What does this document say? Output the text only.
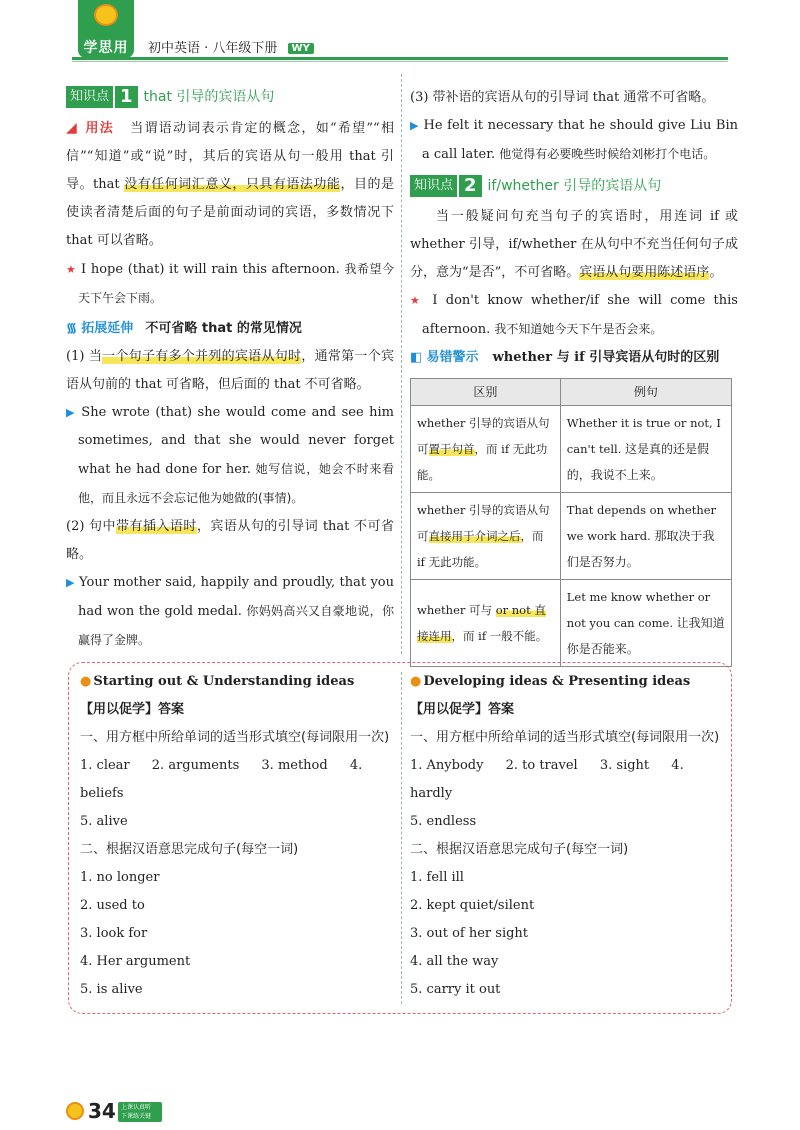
学思用 初中英语 · 八年级下册 WY
知识点 1 that 引导的宾语从句

◢ 用法 当谓语动词表示肯定的概念，如“希望”“相信”“知道”或“说”时，其后的宾语从句一般用 that 引导。that 没有任何词汇意义，只具有语法功能，目的是使读者清楚后面的句子是前面动词的宾语，多数情况下 that 可以省略。

★ I hope (that) it will rain this afternoon. 我希望今天下午会下雨。

᯾ 拓展延伸 不可省略 that 的常见情况

(1) 当一个句子有多个并列的宾语从句时，通常第一个宾语从句前的 that 可省略，但后面的 that 不可省略。

▶ She wrote (that) she would come and see him sometimes, and that she would never forget what he had done for her. 她写信说，她会不时来看他，而且永远不会忘记他为她做的(事情)。

(2) 句中带有插入语时，宾语从句的引导词 that 不可省略。

▶ Your mother said, happily and proudly, that you had won the gold medal. 你妈妈高兴又自豪地说，你赢得了金牌。

(3) 带补语的宾语从句的引导词 that 通常不可省略。

▶ He felt it necessary that he should give Liu Bin a call later. 他觉得有必要晚些时候给刘彬打个电话。

知识点 2 if/whether 引导的宾语从句

当一般疑问句充当句子的宾语时，用连词 if 或 whether 引导，if/whether 在从句中不充当任何句子成分，意为“是否”，不可省略。宾语从句要用陈述语序。

★ I don't know whether/if she will come this afternoon. 我不知道她今天下午是否会来。

◧ 易错警示 whether 与 if 引导宾语从句时的区别
区别	例句
whether 引导的宾语从句可置于句首，而 if 无此功能。	Whether it is true or not, I can't tell. 这是真的还是假的，我说不上来。
whether 引导的宾语从句可直接用于介词之后，而 if 无此功能。	That depends on whether we work hard. 那取决于我们是否努力。
whether 可与 or not 直接连用，而 if 一般不能。	Let me know whether or not you can come. 让我知道你是否能来。
● Starting out & Understanding ideas
【用以促学】答案
一、用方框中所给单词的适当形式填空(每词限用一次)
1. clear 2. arguments 3. method 4. beliefs
5. alive
二、根据汉语意思完成句子(每空一词)
1. no longer
2. used to
3. look for
4. Her argument
5. is alive
● Developing ideas & Presenting ideas
【用以促学】答案
一、用方框中所给单词的适当形式填空(每词限用一次)
1. Anybody 2. to travel 3. sight 4. hardly
5. endless
二、根据汉语意思完成句子(每空一词)
1. fell ill
2. kept quiet/silent
3. out of her sight
4. all the way
5. carry it out
34 上课认真听
下课练关键
